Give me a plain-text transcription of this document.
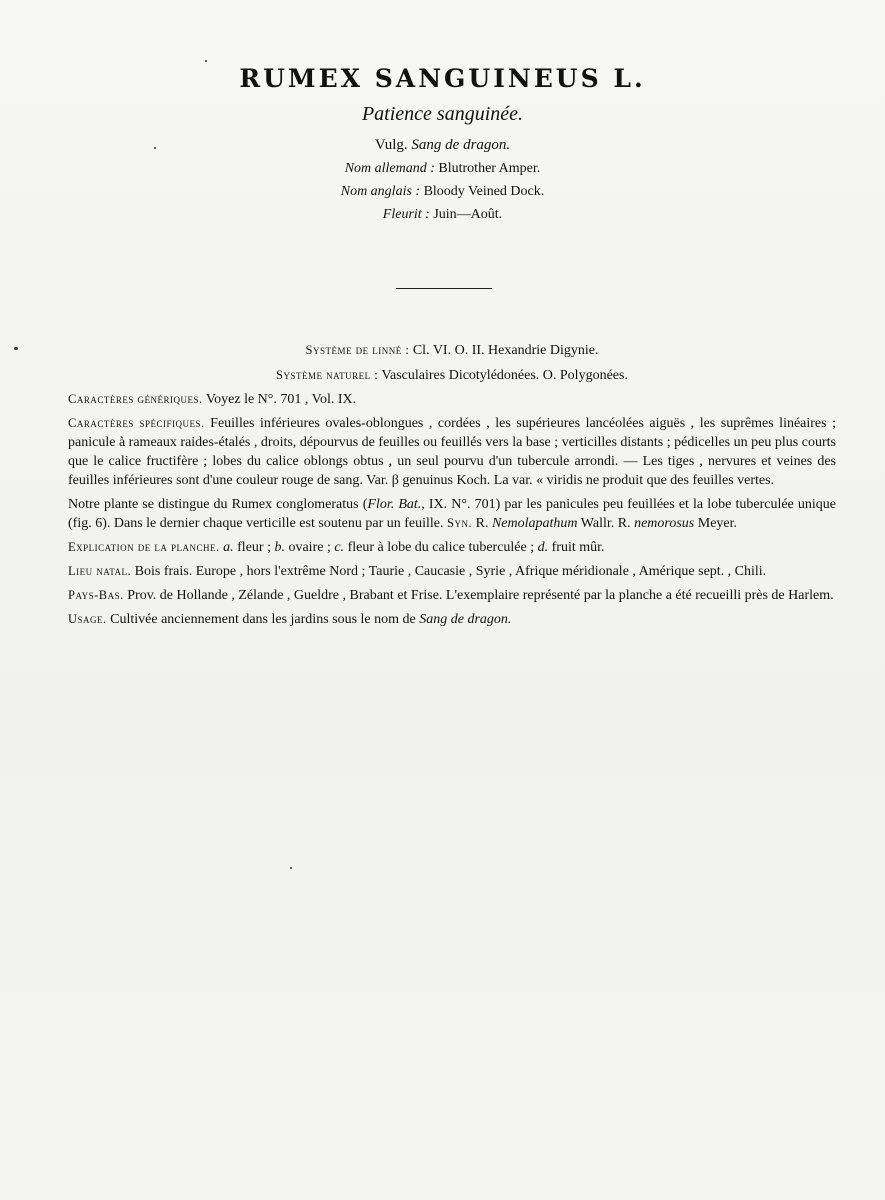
RUMEX SANGUINEUS L.

Patience sanguinée.

Vulg. Sang de dragon.

Nom allemand : Blutrother Amper.

Nom anglais : Bloody Veined Dock.

Fleurit : Juin—Août.

Système de linné : Cl. VI. O. II. Hexandrie Digynie.

Système naturel : Vasculaires Dicotylédonées. O. Polygonées.

Caractères génériques. Voyez le N°. 701 , Vol. IX.

Caractères spécifiques. Feuilles inférieures ovales-oblongues , cordées , les supérieures lancéolées aiguës , les suprêmes linéaires ; panicule à rameaux raides-étalés , droits, dépourvus de feuilles ou feuillés vers la base ; verticilles distants ; pédicelles un peu plus courts que le calice fructifère ; lobes du calice oblongs obtus , un seul pourvu d'un tubercule arrondi. — Les tiges , nervures et veines des feuilles inférieures sont d'une couleur rouge de sang. Var. β genuinus Koch. La var. « viridis ne produit que des feuilles vertes.

Notre plante se distingue du Rumex conglomeratus (Flor. Bat., IX. N°. 701) par les panicules peu feuillées et la lobe tuberculée unique (fig. 6). Dans le dernier chaque verticille est soutenu par un feuille. Syn. R. Nemolapathum Wallr. R. nemorosus Meyer.

Explication de la planche. a. fleur ; b. ovaire ; c. fleur à lobe du calice tuberculée ; d. fruit mûr.

Lieu natal. Bois frais. Europe , hors l'extrême Nord ; Taurie , Caucasie , Syrie , Afrique méridionale , Amérique sept. , Chili.

Pays-Bas. Prov. de Hollande , Zélande , Gueldre , Brabant et Frise. L'exemplaire représenté par la planche a été recueilli près de Harlem.

Usage. Cultivée anciennement dans les jardins sous le nom de Sang de dragon.
